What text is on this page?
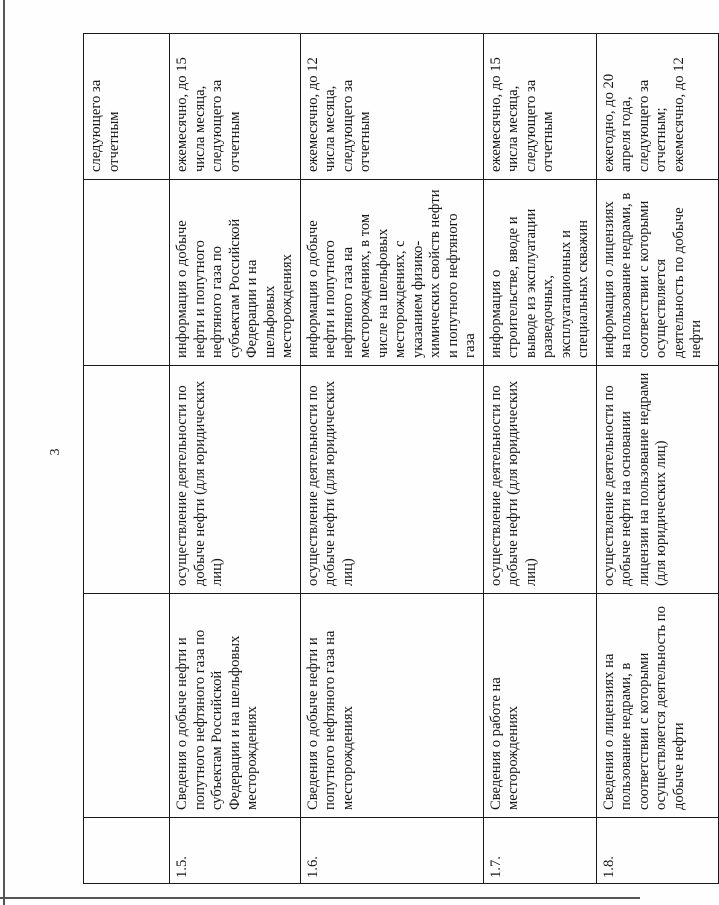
3
				следующего за отчетным
1.5.	Сведения о добыче нефти и попутного нефтяного газа по субъектам Российской Федерации и на шельфовых месторождениях	осуществление деятельности по добыче нефти (для юридических лиц)	информация о добыче нефти и попутного нефтяного газа по субъектам Российской Федерации и на шельфовых месторождениях	ежемесячно, до 15 числа месяца, следующего за отчетным
1.6.	Сведения о добыче нефти и попутного нефтяного газа на месторождениях	осуществление деятельности по добыче нефти (для юридических лиц)	информация о добыче нефти и попутного нефтяного газа на месторождениях, в том числе на шельфовых месторождениях, с указанием физико-химических свойств нефти и попутного нефтяного газа	ежемесячно, до 12 числа месяца, следующего за отчетным
1.7.	Сведения о работе на месторождениях	осуществление деятельности по добыче нефти (для юридических лиц)	информация о строительстве, вводе и выводе из эксплуатации разведочных, эксплуатационных и специальных скважин	ежемесячно, до 15 числа месяца, следующего за отчетным
1.8.	Сведения о лицензиях на пользование недрами, в соответствии с которыми осуществляется деятельность по добыче нефти	осуществление деятельности по добыче нефти на основании лицензии на пользование недрами (для юридических лиц)	информация о лицензиях на пользование недрами, в соответствии с которыми осуществляется деятельность по добыче нефти	ежегодно, до 20 апреля года, следующего за отчетным; ежемесячно, до 12
